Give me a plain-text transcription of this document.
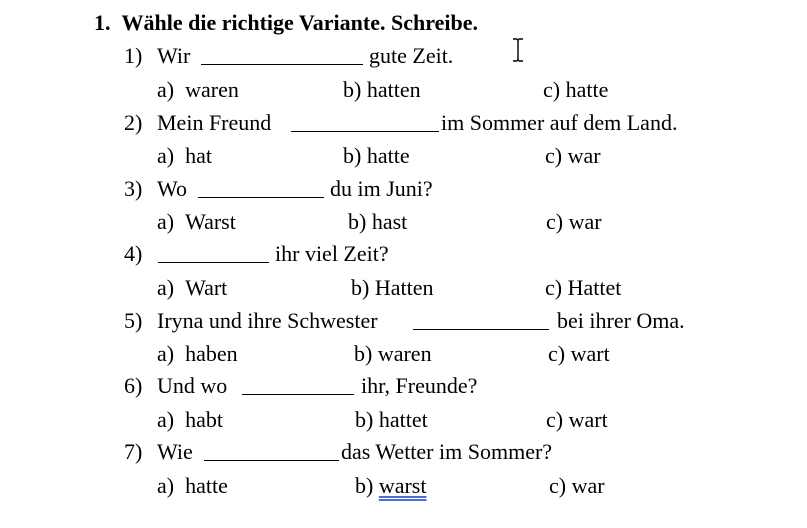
1.  Wähle die richtige Variante. Schreibe.
1) Wir	gute Zeit.
a)  waren	b) hatten	c) hatte
2) Mein Freund	im Sommer auf dem Land.
a)  hat	b) hatte	c) war
3) Wo	du im Juni?
a)  Warst	b) hast	c) war
4)	ihr viel Zeit?
a)  Wart	b) Hatten	c) Hattet
5) Iryna und ihre Schwester	bei ihrer Oma.
a)  haben	b) waren	c) wart
6) Und wo	ihr, Freunde?
a)  habt	b) hattet	c) wart
7) Wie	das Wetter im Sommer?
a)  hatte	b) warst	c) war
